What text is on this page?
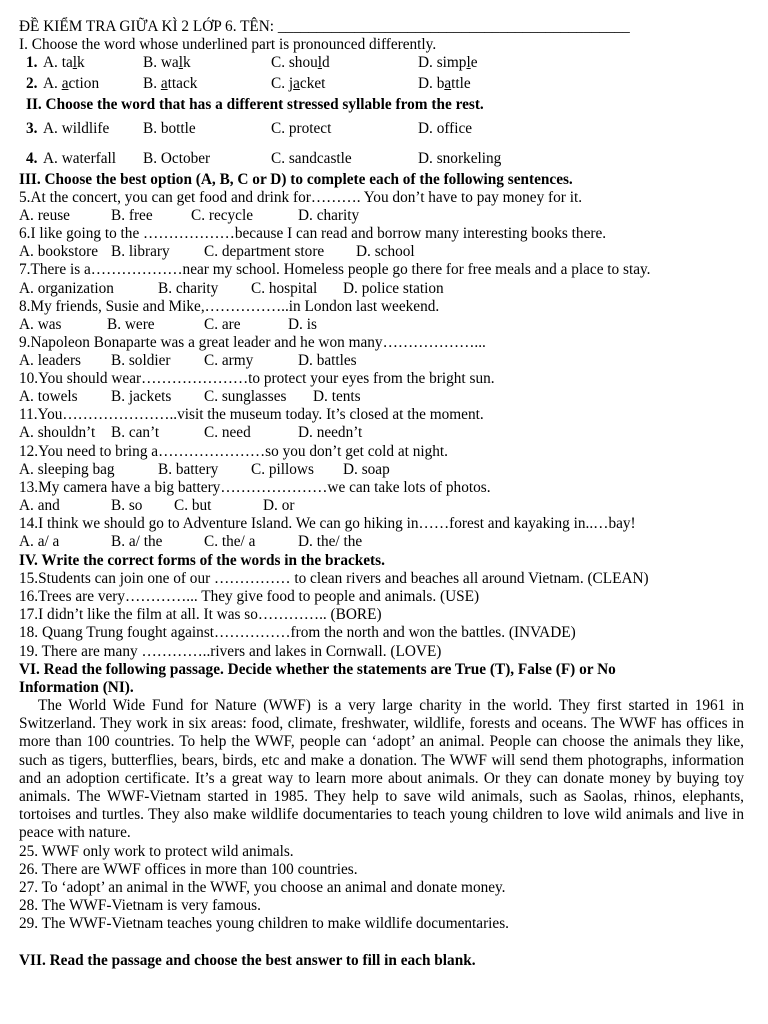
ĐỀ KIỂM TRA GIỮA KÌ 2 LỚP 6. TÊN: ______________________________________________
I. Choose the word whose underlined part is pronounced differently.
1. A. talk	B. walk	C. should	D. simple
2. A. action	B. attack	C. jacket	D. battle
II. Choose the word that has a different stressed syllable from the rest.
3. A. wildlife B. bottle	C. protect	D. office
4. A. waterfall B. October	C. sandcastle	D. snorkeling
III. Choose the best option (A, B, C or D) to complete each of the following sentences.
5.At the concert, you can get food and drink for………. You don’t have to pay money for it.
A. reuse	B. free	C. recycle	D. charity
6.I like going to the ………………because I can read and borrow many interesting books there.
A. bookstore B. library C. department store D. school
7.There is a………………near my school. Homeless people go there for free meals and a place to stay.
A. organization	B. charity C. hospital D. police station
8.My friends, Susie and Mike,……………..in London last weekend.
A. was	B. were	C. are	D. is
9.Napoleon Bonaparte was a great leader and he won many………………...
A. leaders B. soldier C. army	D. battles
10.You should wear…………………to protect your eyes from the bright sun.
A. towels B. jackets C. sunglasses D. tents
11.You…………………..visit the museum today. It’s closed at the moment.
A. shouldn’t B. can’t	C. need	D. needn’t
12.You need to bring a…………………so you don’t get cold at night.
A. sleeping bag	B. battery C. pillows D. soap
13.My camera have a big battery…………………we can take lots of photos.
A. and	B. so C. but	D. or
14.I think we should go to Adventure Island. We can go hiking in……forest and kayaking in..…bay!
A. a/ a	B. a/ the	C. the/ a	D. the/ the
IV. Write the correct forms of the words in the brackets.
15.Students can join one of our …………… to clean rivers and beaches all around Vietnam. (CLEAN)
16.Trees are very…………... They give food to people and animals. (USE)
17.I didn’t like the film at all. It was so………….. (BORE)
18. Quang Trung fought against……………from the north and won the battles. (INVADE)
19. There are many …………..rivers and lakes in Cornwall. (LOVE)
VI. Read the following passage. Decide whether the statements are True (T), False (F) or No
Information (NI).
The World Wide Fund for Nature (WWF) is a very large charity in the world. They first started in 1961 in Switzerland. They work in six areas: food, climate, freshwater, wildlife, forests and oceans. The WWF has offices in more than 100 countries. To help the WWF, people can ‘adopt’ an animal. People can choose the animals they like, such as tigers, butterflies, bears, birds, etc and make a donation. The WWF will send them photographs, information and an adoption certificate. It’s a great way to learn more about animals. Or they can donate money by buying toy animals. The WWF-Vietnam started in 1985. They help to save wild animals, such as Saolas, rhinos, elephants, tortoises and turtles. They also make wildlife documentaries to teach young children to love wild animals and live in peace with nature.
25. WWF only work to protect wild animals.
26. There are WWF offices in more than 100 countries.
27. To ‘adopt’ an animal in the WWF, you choose an animal and donate money.
28. The WWF-Vietnam is very famous.
29. The WWF-Vietnam teaches young children to make wildlife documentaries.
VII. Read the passage and choose the best answer to fill in each blank.
